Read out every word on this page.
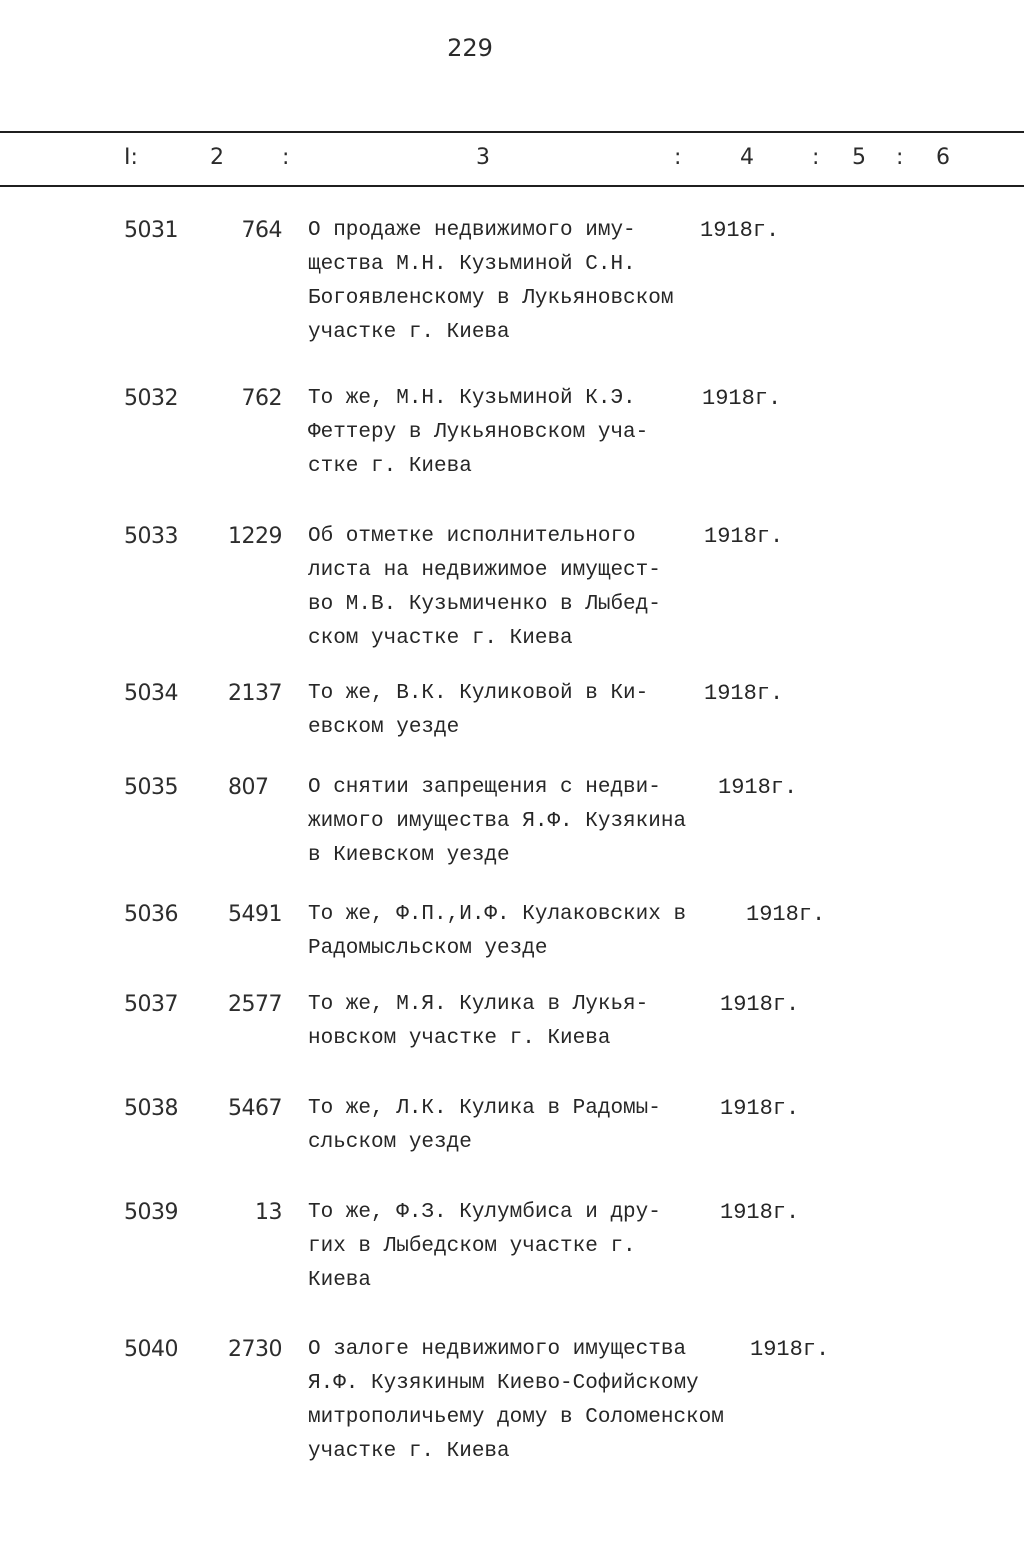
229
I:	2	:	3	:	4	: 5 : 6
5031	764 О продаже недвижимого иму-
щества М.Н. Кузьминой С.Н.
Богоявленскому в Лукьяновском
участке г. Киева
1918г.
5032	762 То же, М.Н. Кузьминой К.Э.
Феттеру в Лукьяновском уча-
стке г. Киева
1918г.
5033	1229 Об отметке исполнительного
листа на недвижимое имущест-
во М.В. Кузьмиченко в Лыбед-
ском участке г. Киева
1918г.
5034	2137 То же, В.К. Куликовой в Ки-
евском уезде
1918г.
5035	807	О снятии запрещения с недви-
жимого имущества Я.Ф. Кузякина
в Киевском уезде
1918г.
5036	5491 То же, Ф.П.,И.Ф. Кулаковских в
Радомысльском уезде
1918г.
5037	2577 То же, М.Я. Кулика в Лукья-
новском участке г. Киева
1918г.
5038	5467 То же, Л.К. Кулика в Радомы-
сльском уезде
1918г.
5039	13 То же, Ф.З. Кулумбиса и дру-
гих в Лыбедском участке г.
Киева
1918г.
5040	2730 О залоге недвижимого имущества
Я.Ф. Кузякиным Киево-Софийскому
митрополичьему дому в Соломенском
участке г. Киева
1918г.
